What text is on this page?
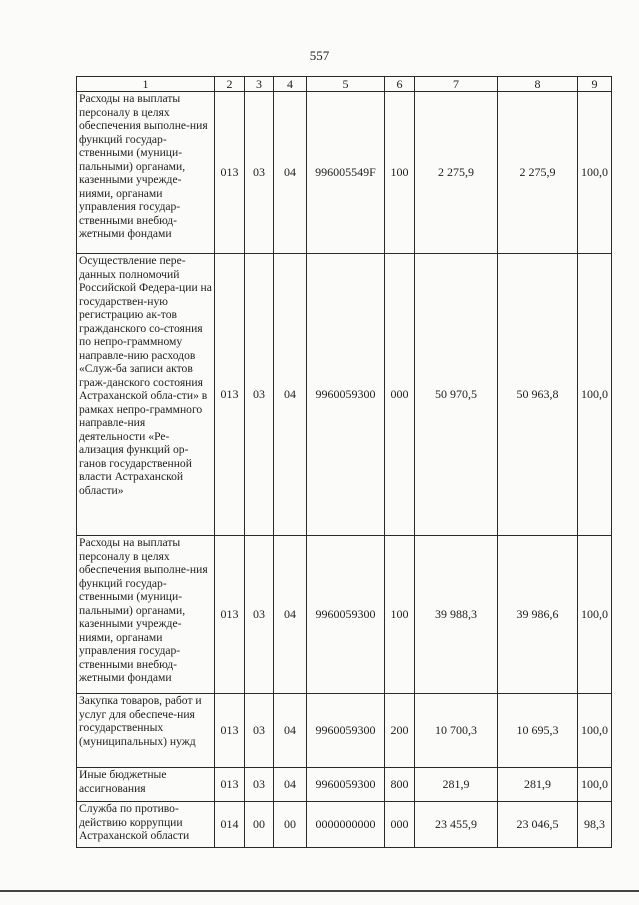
557
1	2	3	4	5	6	7	8	9
Расходы на выплаты персоналу в целях обеспечения выполне-ния функций государ-ственными (муници-пальными) органами, казенными учрежде-ниями, органами управления государ-ственными внебюд-жетными фондами	013	03	04	996005549F	100	2 275,9	2 275,9	100,0
Осуществление пере-данных полномочий Российской Федера-ции на государствен-ную регистрацию ак-тов гражданского со-стояния по непро-граммному направле-нию расходов «Служ-ба записи актов граж-данского состояния Астраханской обла-сти» в рамках непро-граммного направле-ния деятельности «Ре-ализация функций ор-ганов государственной власти Астраханской области»	013	03	04	9960059300	000	50 970,5	50 963,8	100,0
Расходы на выплаты персоналу в целях обеспечения выполне-ния функций государ-ственными (муници-пальными) органами, казенными учрежде-ниями, органами управления государ-ственными внебюд-жетными фондами	013	03	04	9960059300	100	39 988,3	39 986,6	100,0
Закупка товаров, работ и услуг для обеспече-ния государственных (муниципальных) нужд	013	03	04	9960059300	200	10 700,3	10 695,3	100,0
Иные бюджетные ассигнования	013	03	04	9960059300	800	281,9	281,9	100,0
Служба по противо-действию коррупции Астраханской области	014	00	00	0000000000	000	23 455,9	23 046,5	98,3
